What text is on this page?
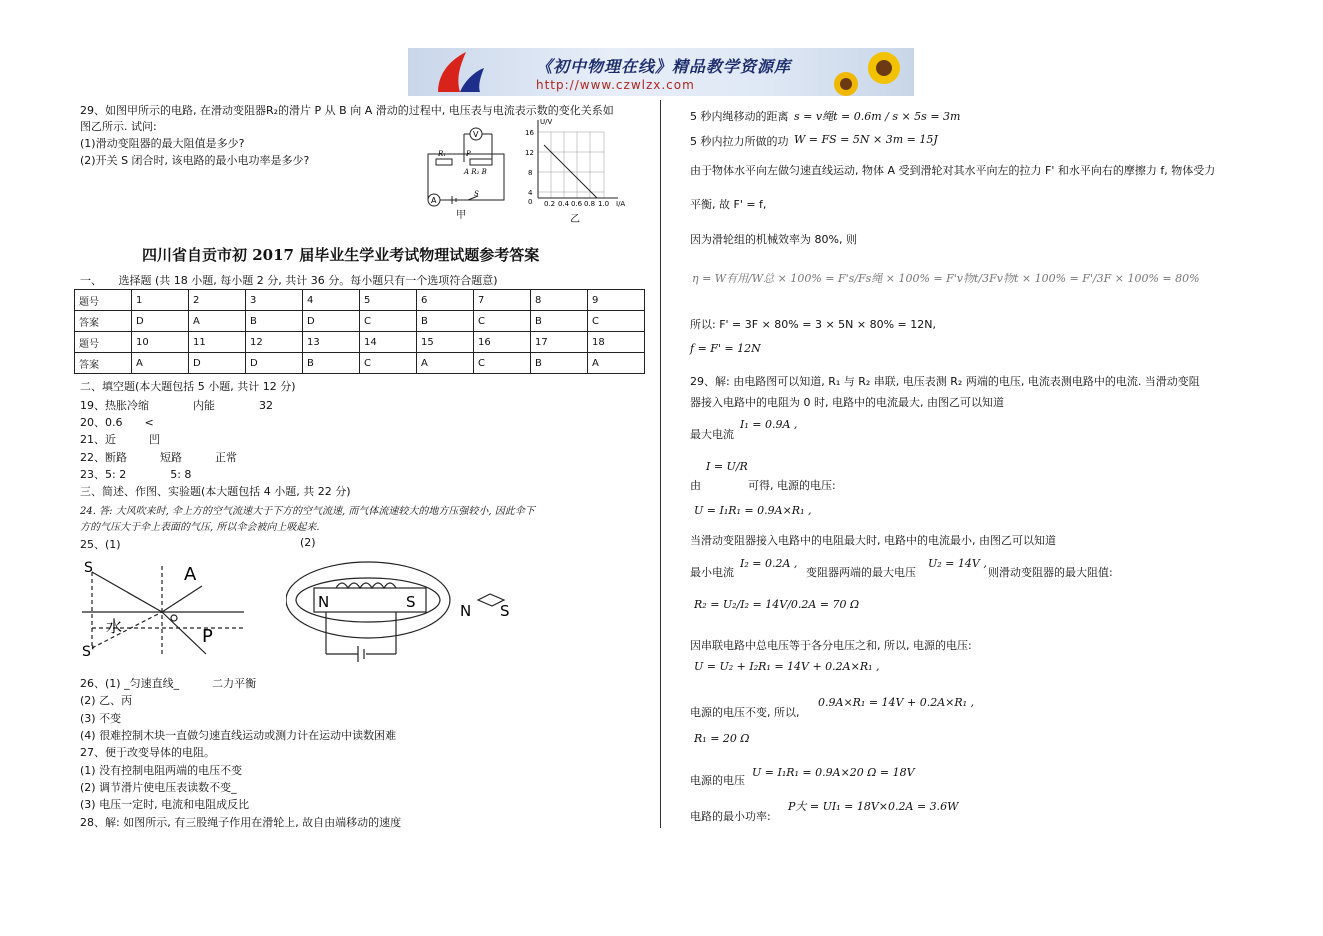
《初中物理在线》精品教学资源库
http://www.czwlzx.com
29、如图甲所示的电路, 在滑动变阻器R₂的滑片 P 从 B 向 A 滑动的过程中, 电压表与电流表示数的变化关系如
图乙所示. 试问:
(1)滑动变阻器的最大阻值是多少?
(2)开关 S 闭合时, 该电路的最小电功率是多少?
V
A
R₁	P
A R₂ B
S
甲
U/V
I/A
16
12
8
4
0 0.2 0.4 0.6 0.8 1.0
乙
四川省自贡市初 2017 届毕业生学业考试物理试题参考答案
一、　　选择题 (共 18 小题, 每小题 2 分, 共计 36 分。每小题只有一个选项符合题意)
题号	1	2	3	4	5	6	7	8	9
答案	D	A	B	D	C	B	C	B	C
题号	10	11	12	13	14	15	16	17	18
答案	A	D	D	B	C	A	C	B	A
二、填空题(本大题包括 5 小题, 共计 12 分)
19、热胀冷缩　　　　内能　　　　32
20、0.6　　<
21、近　　　凹
22、断路　　　短路　　　正常
23、5: 2　　　　5: 8
三、简述、作图、实验题(本大题包括 4 小题, 共 22 分)
24. 答: 大风吹来时, 伞上方的空气流速大于下方的空气流速, 而气体流速较大的地方压强较小, 因此伞下
方的气压大于伞上表面的气压, 所以伞会被向上吸起来.
25、(1)	(2)
S
S'
A
P
水
N	S	N S
26、(1) _匀速直线_　　　二力平衡
(2) 乙、丙
(3) 不变
(4) 很难控制木块一直做匀速直线运动或测力计在运动中读数困难
27、便于改变导体的电阻。
(1) 没有控制电阻两端的电压不变
(2) 调节滑片使电压表读数不变_
(3) 电压一定时, 电流和电阻成反比
28、解: 如图所示, 有三股绳子作用在滑轮上, 故自由端移动的速度
5 秒内绳移动的距离 s = v绳t = 0.6m / s × 5s = 3m
5 秒内拉力所做的功 W = FS = 5N × 3m = 15J
由于物体水平向左做匀速直线运动, 物体 A 受到滑轮对其水平向左的拉力 F' 和水平向右的摩擦力 f, 物体受力
平衡, 故 F' = f,
因为滑轮组的机械效率为 80%, 则
η = W有用/W总 × 100% = F's/Fs绳 × 100% = F'v物t/3Fv物t × 100% = F'/3F × 100% = 80%
所以: F' = 3F × 80% = 3 × 5N × 80% = 12N,
f = F' = 12N
29、解: 由电路图可以知道, R₁ 与 R₂ 串联, 电压表测 R₂ 两端的电压, 电流表测电路中的电流. 当滑动变阻
器接入电路中的电阻为 0 时, 电路中的电流最大, 由图乙可以知道
最大电流
I₁ = 0.9A ,
由
I = U/R
可得, 电源的电压:
U = I₁R₁ = 0.9A×R₁ ,
当滑动变阻器接入电路中的电阻最大时, 电路中的电流最小, 由图乙可以知道
最小电流
I₂ = 0.2A ,
变阻器两端的最大电压
U₂ = 14V ,
则滑动变阻器的最大阻值:
R₂ = U₂/I₂ = 14V/0.2A = 70 Ω
因串联电路中总电压等于各分电压之和, 所以, 电源的电压:
U = U₂ + I₂R₁ = 14V + 0.2A×R₁ ,
电源的电压不变, 所以,
0.9A×R₁ = 14V + 0.2A×R₁ ,
R₁ = 20 Ω
电源的电压
U = I₁R₁ = 0.9A×20 Ω = 18V
电路的最小功率:
P大 = UI₁ = 18V×0.2A = 3.6W
